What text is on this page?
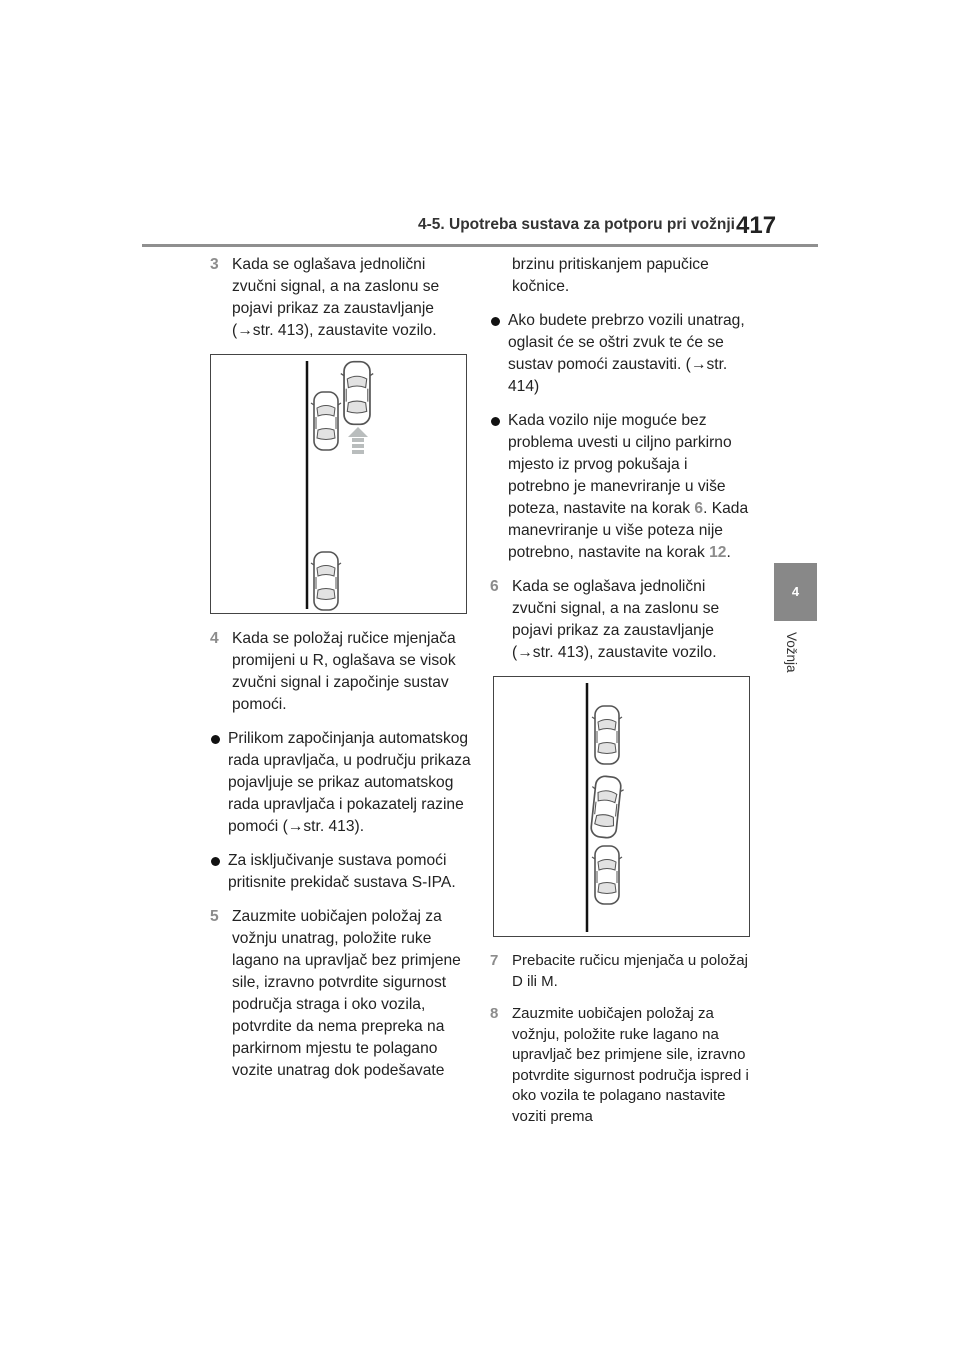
4-5. Upotreba sustava za potporu pri vožnji 417
4
Vožnja
3 Kada se oglašava jednolični zvučni signal, a na zaslonu se pojavi prikaz za zaustavljanje (→str. 413), zaustavite vozilo.
4 Kada se položaj ručice mjenjača promijeni u R, oglašava se visok zvučni signal i započinje sustav pomoći.
Prilikom započinjanja automatskog rada upravljača, u području prikaza pojavljuje se prikaz automatskog rada upravljača i pokazatelj razine pomoći (→str. 413).
Za isključivanje sustava pomoći pritisnite prekidač sustava S-IPA.
5 Zauzmite uobičajen položaj za vožnju unatrag, položite ruke lagano na upravljač bez primjene sile, izravno potvrdite sigurnost područja straga i oko vozila, potvrdite da nema prepreka na parkirnom mjestu te polagano vozite unatrag dok podešavate
brzinu pritiskanjem papučice kočnice.
Ako budete prebrzo vozili unatrag, oglasit će se oštri zvuk te će se sustav pomoći zaustaviti. (→str. 414)
Kada vozilo nije moguće bez problema uvesti u ciljno parkirno mjesto iz prvog pokušaja i potrebno je manevriranje u više poteza, nastavite na korak 6. Kada manevriranje u više poteza nije potrebno, nastavite na korak 12.
6 Kada se oglašava jednolični zvučni signal, a na zaslonu se pojavi prikaz za zaustavljanje (→str. 413), zaustavite vozilo.
7 Prebacite ručicu mjenjača u položaj D ili M.
8 Zauzmite uobičajen položaj za vožnju, položite ruke lagano na upravljač bez primjene sile, izravno potvrdite sigurnost područja ispred i oko vozila te polagano nastavite voziti prema
